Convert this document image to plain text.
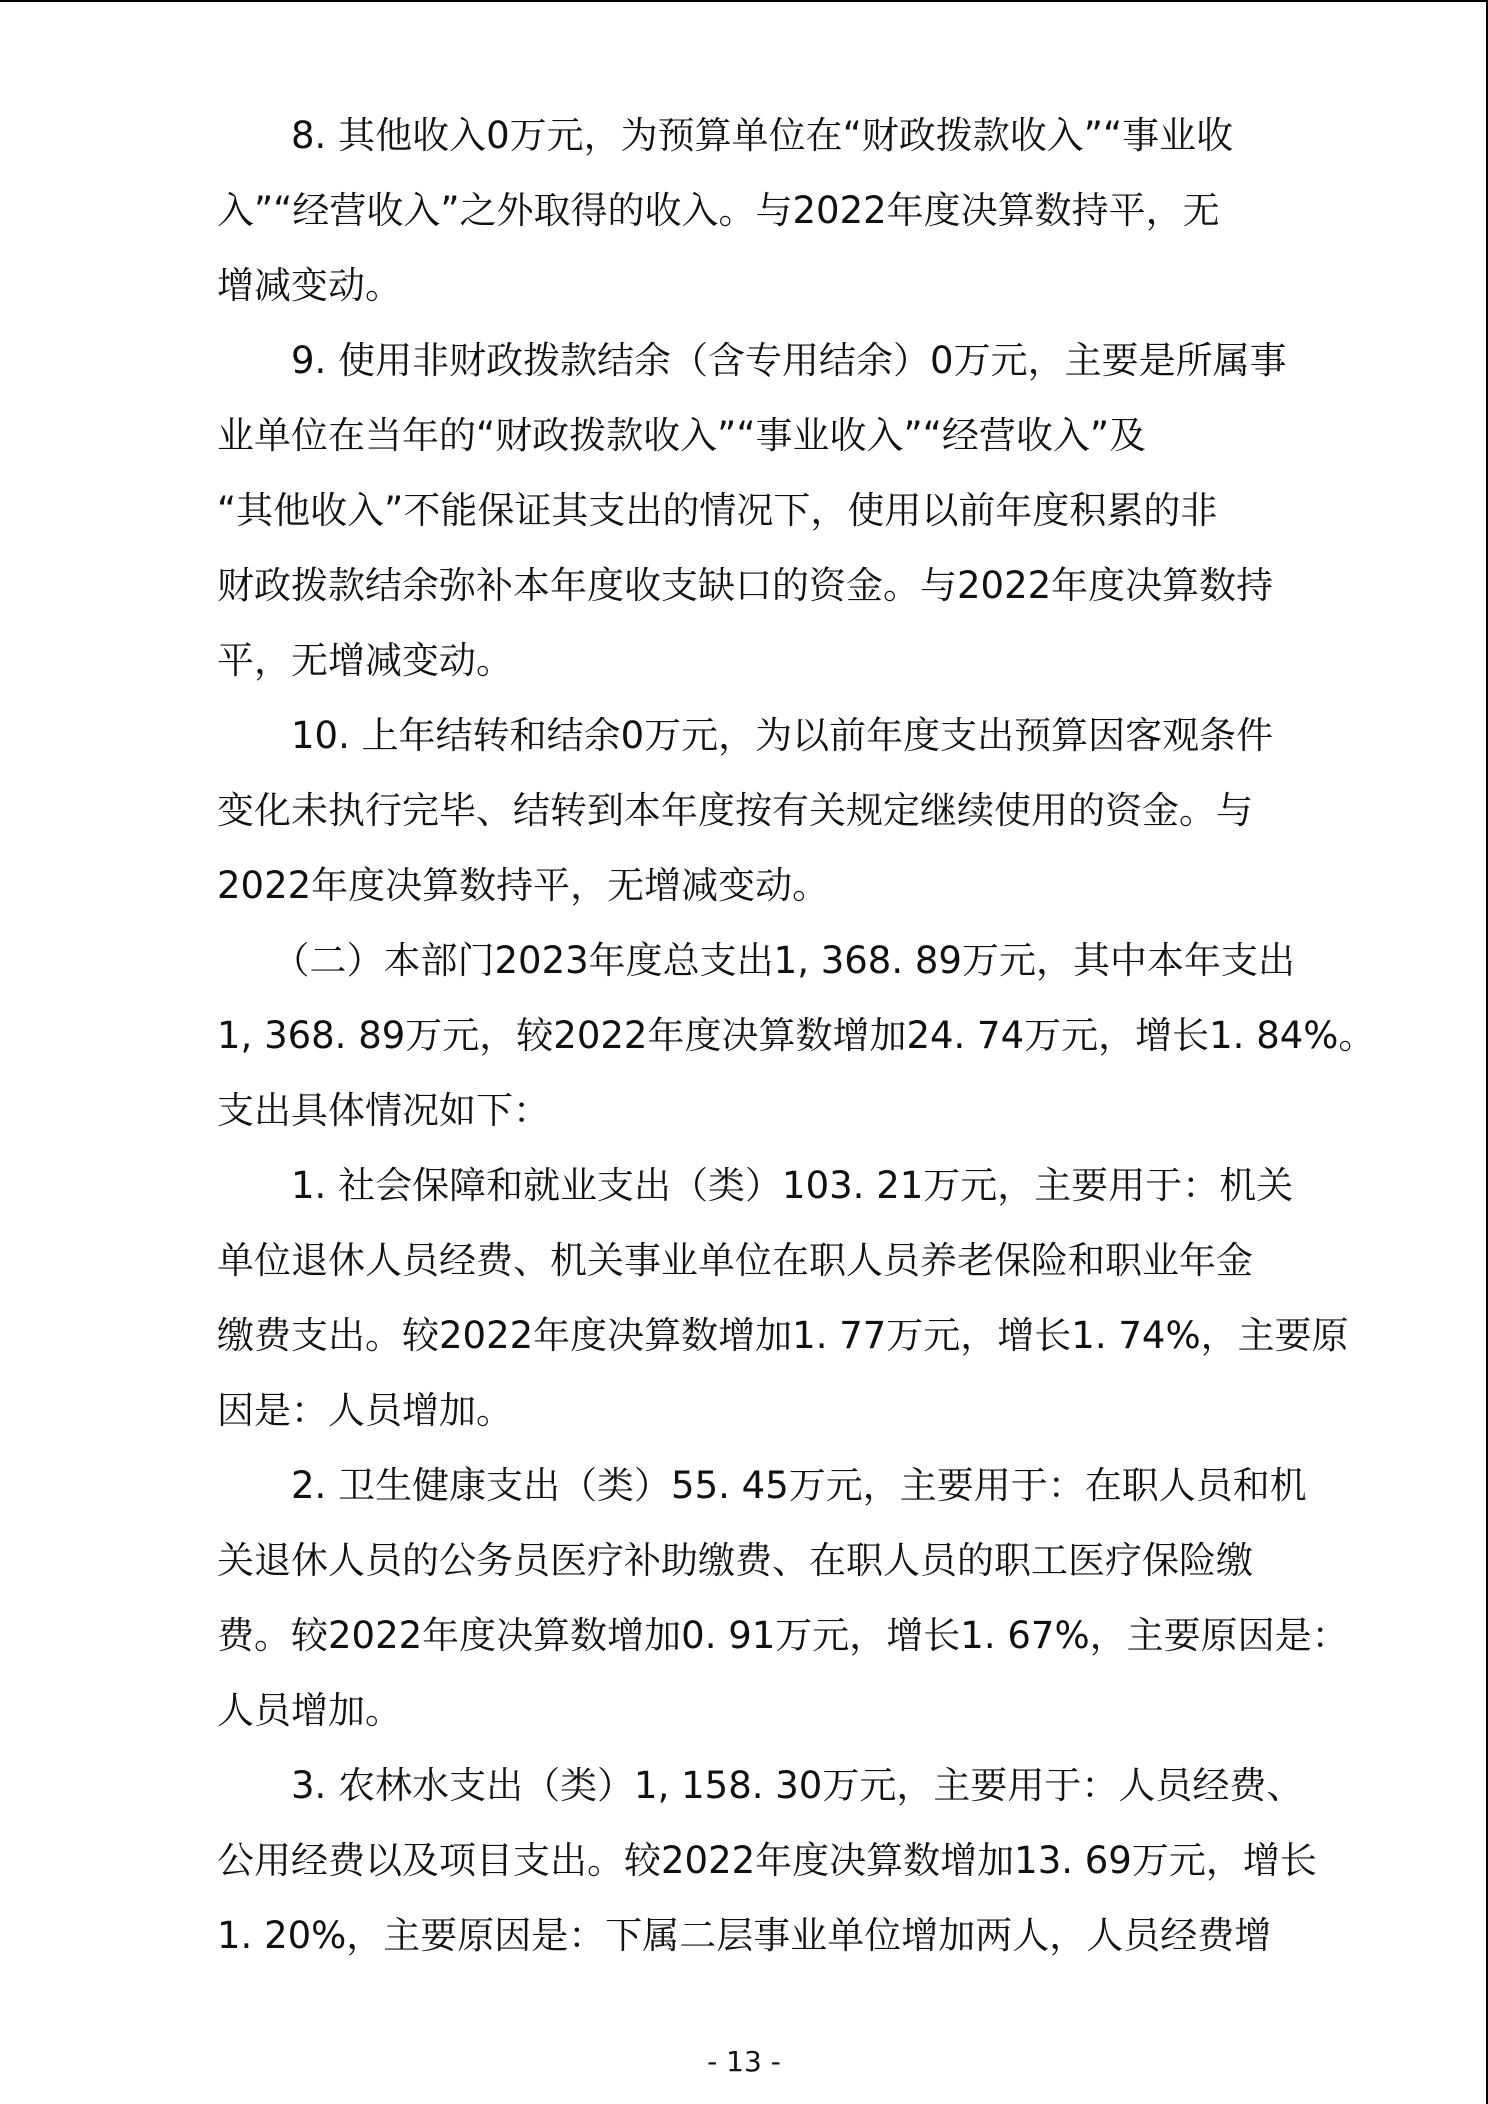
　　8. 其他收入0万元，为预算单位在“财政拨款收入”“事业收
入”“经营收入”之外取得的收入。与2022年度决算数持平，无
增减变动。
　　9. 使用非财政拨款结余（含专用结余）0万元，主要是所属事
业单位在当年的“财政拨款收入”“事业收入”“经营收入”及
“其他收入”不能保证其支出的情况下，使用以前年度积累的非
财政拨款结余弥补本年度收支缺口的资金。与2022年度决算数持
平，无增减变动。
　　10. 上年结转和结余0万元，为以前年度支出预算因客观条件
变化未执行完毕、结转到本年度按有关规定继续使用的资金。与
2022年度决算数持平，无增减变动。
　　（二）本部门2023年度总支出1, 368. 89万元，其中本年支出
1, 368. 89万元，较2022年度决算数增加24. 74万元，增长1. 84%。
支出具体情况如下：
　　1. 社会保障和就业支出（类）103. 21万元，主要用于：机关
单位退休人员经费、机关事业单位在职人员养老保险和职业年金
缴费支出。较2022年度决算数增加1. 77万元，增长1. 74%，主要原
因是：人员增加。
　　2. 卫生健康支出（类）55. 45万元，主要用于：在职人员和机
关退休人员的公务员医疗补助缴费、在职人员的职工医疗保险缴
费。较2022年度决算数增加0. 91万元，增长1. 67%，主要原因是：
人员增加。
　　3. 农林水支出（类）1, 158. 30万元，主要用于：人员经费、
公用经费以及项目支出。较2022年度决算数增加13. 69万元，增长
1. 20%，主要原因是：下属二层事业单位增加两人，人员经费增
- 13 -
